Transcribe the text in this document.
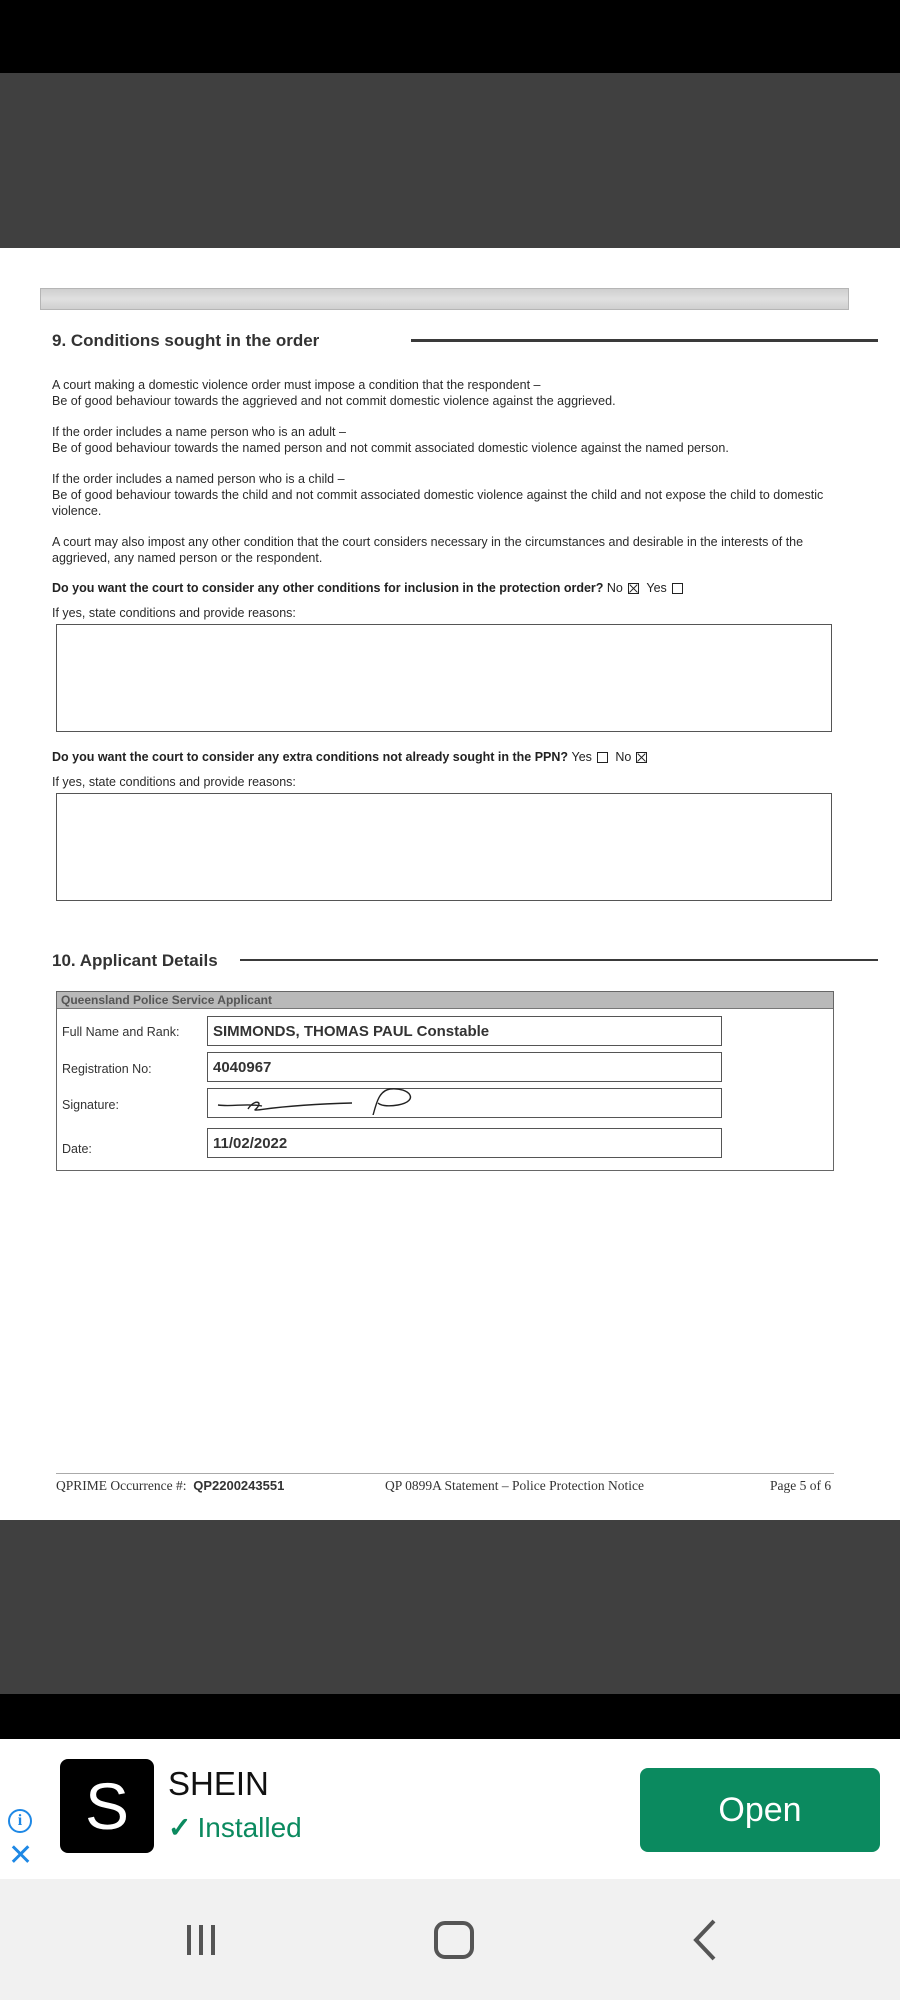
9. Conditions sought in the order
A court making a domestic violence order must impose a condition that the respondent –
Be of good behaviour towards the aggrieved and not commit domestic violence against the aggrieved.
If the order includes a name person who is an adult –
Be of good behaviour towards the named person and not commit associated domestic violence against the named person.
If the order includes a named person who is a child –
Be of good behaviour towards the child and not commit associated domestic violence against the child and not expose the child to domestic violence.
A court may also impost any other condition that the court considers necessary in the circumstances and desirable in the interests of the aggrieved, any named person or the respondent.
Do you want the court to consider any other conditions for inclusion in the protection order? No Yes
If yes, state conditions and provide reasons:
Do you want the court to consider any extra conditions not already sought in the PPN? Yes No
If yes, state conditions and provide reasons:
10. Applicant Details
Queensland Police Service Applicant
Full Name and Rank:	SIMMONDS, THOMAS PAUL Constable
Registration No:	4040967
Signature:
Date:	11/02/2022
QPRIME Occurrence #: QP2200243551	QP 0899A Statement – Police Protection Notice	Page 5 of 6
S	SHEIN
✓ Installed	Open
i
✕
